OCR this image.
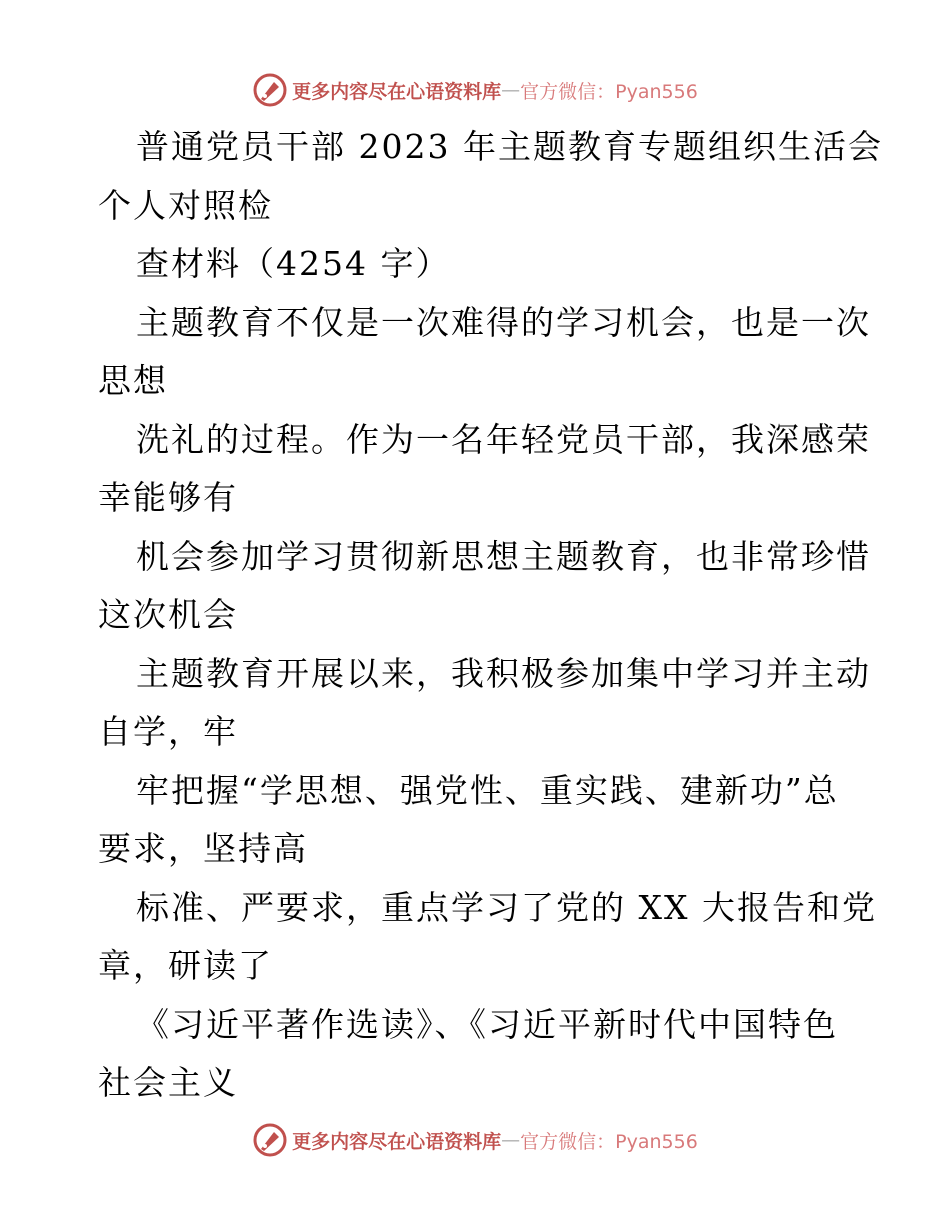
更多内容尽在心语资料库 — 官方微信：Pyan556
普通党员干部 2023 年主题教育专题组织生活会
个人对照检
查材料（4254 字）
主题教育不仅是一次难得的学习机会，也是一次
思想
洗礼的过程。作为一名年轻党员干部，我深感荣
幸能够有
机会参加学习贯彻新思想主题教育，也非常珍惜
这次机会
主题教育开展以来，我积极参加集中学习并主动
自学，牢
牢把握“学思想、强党性、重实践、建新功”总
要求，坚持高
标准、严要求，重点学习了党的 XX 大报告和党
章，研读了
《习近平著作选读》、《习近平新时代中国特色
社会主义
更多内容尽在心语资料库 — 官方微信：Pyan556
